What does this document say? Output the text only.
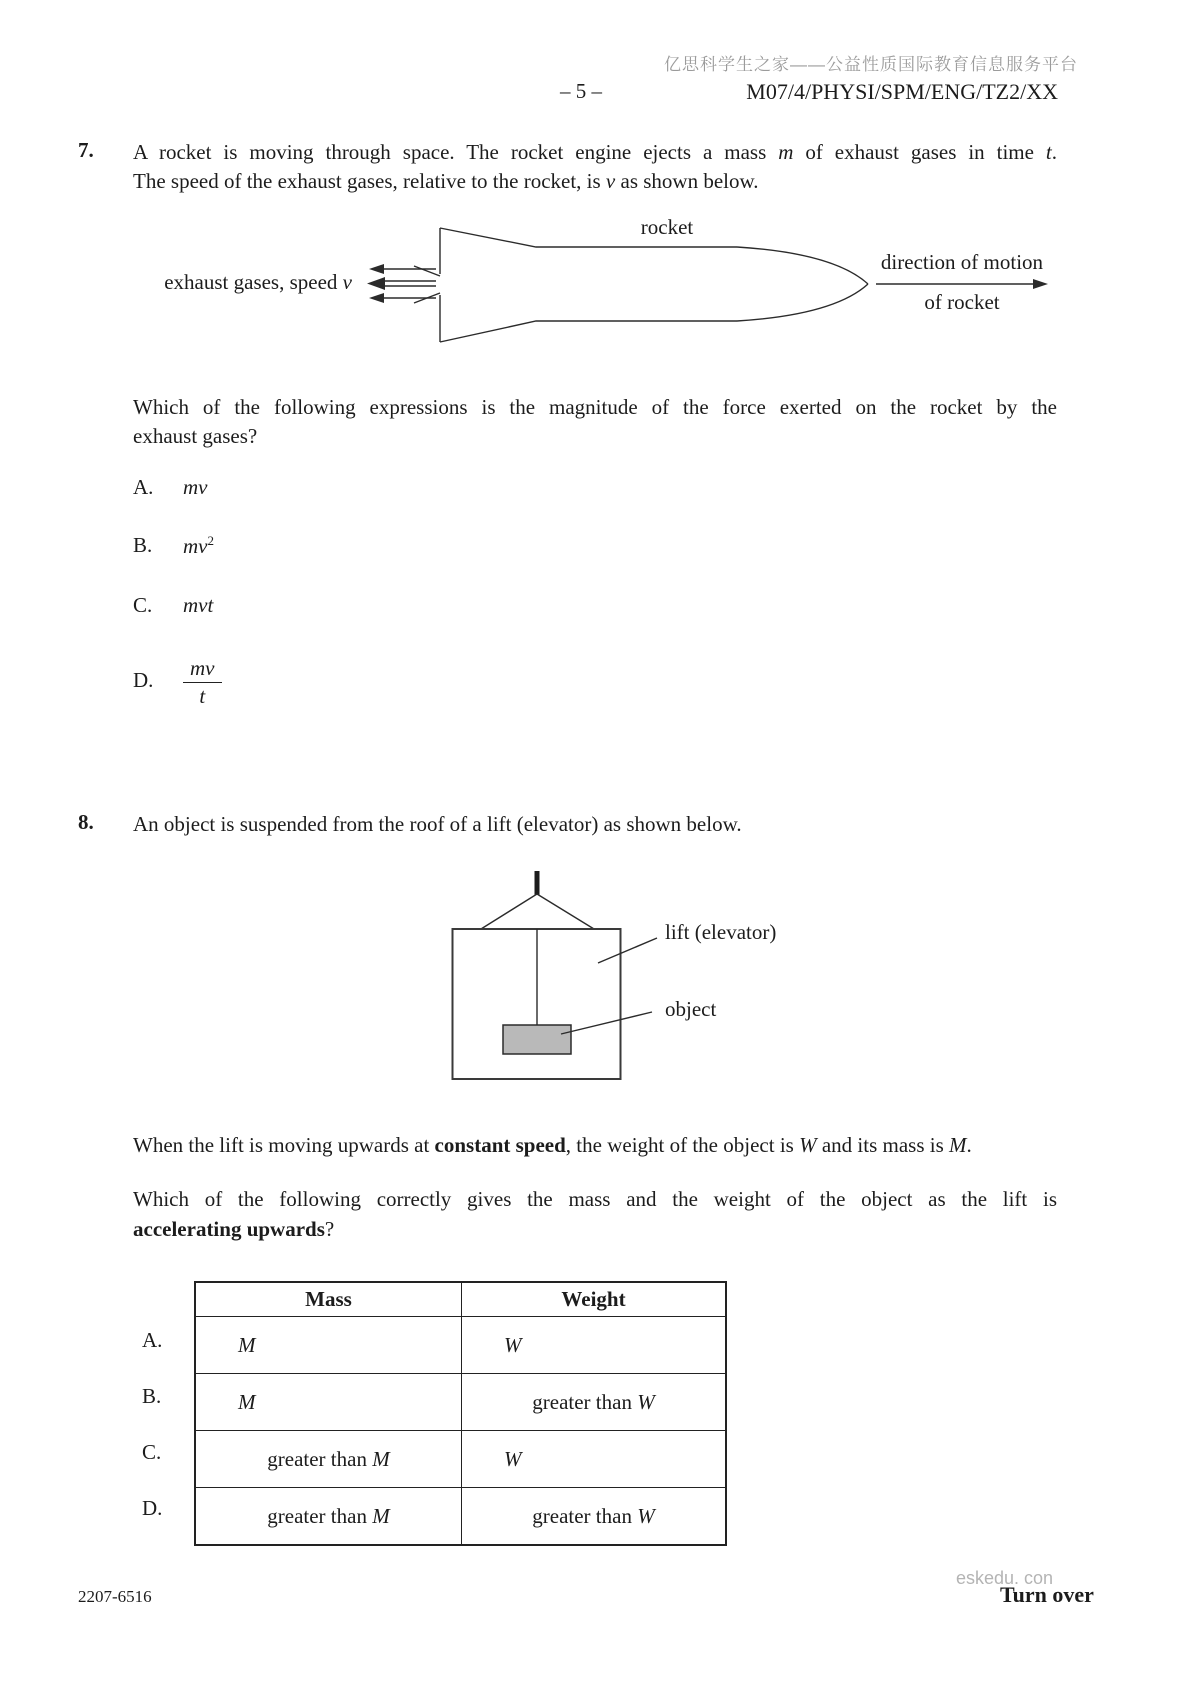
亿思科学生之家——公益性质国际教育信息服务平台
– 5 –	M07/4/PHYSI/SPM/ENG/TZ2/XX
7. A rocket is moving through space. The rocket engine ejects a mass m of exhaust gases in time t.
The speed of the exhaust gases, relative to the rocket, is v as shown below.
rocket
exhaust gases, speed v
direction of motion
of rocket
Which of the following expressions is the magnitude of the force exerted on the rocket by the
exhaust gases?
A. mv
B. $mv^2$
C. mvt
D. $\frac{mv}{t}$
8. An object is suspended from the roof of a lift (elevator) as shown below.
lift (elevator)
object
When the lift is moving upwards at constant speed, the weight of the object is W and its mass is M.
Which of the following correctly gives the mass and the weight of the object as the lift is
accelerating upwards?
A.
B.
C.
D.
Mass	Weight
M	W
M	greater than W
greater than M	W
greater than M	greater than W
2207-6516
eskedu. con
Turn over
